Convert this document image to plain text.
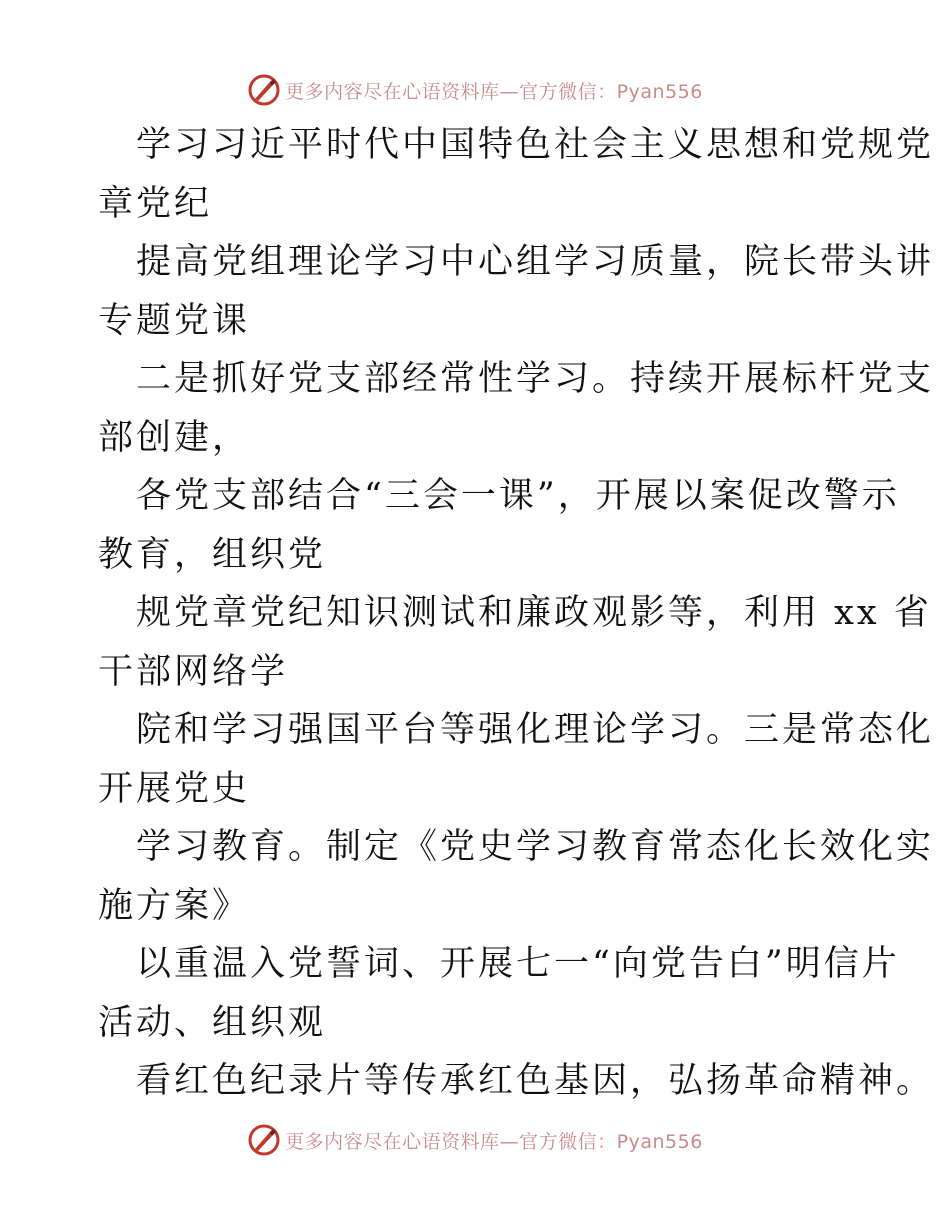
更多内容尽在心语资料库—官方微信：Pyan556
学习习近平时代中国特色社会主义思想和党规党
章党纪
提高党组理论学习中心组学习质量，院长带头讲
专题党课
二是抓好党支部经常性学习。持续开展标杆党支
部创建，
各党支部结合“三会一课”，开展以案促改警示
教育，组织党
规党章党纪知识测试和廉政观影等，利用 xx 省
干部网络学
院和学习强国平台等强化理论学习。三是常态化
开展党史
学习教育。制定《党史学习教育常态化长效化实
施方案》
以重温入党誓词、开展七一“向党告白”明信片
活动、组织观
看红色纪录片等传承红色基因，弘扬革命精神。
更多内容尽在心语资料库—官方微信：Pyan556
